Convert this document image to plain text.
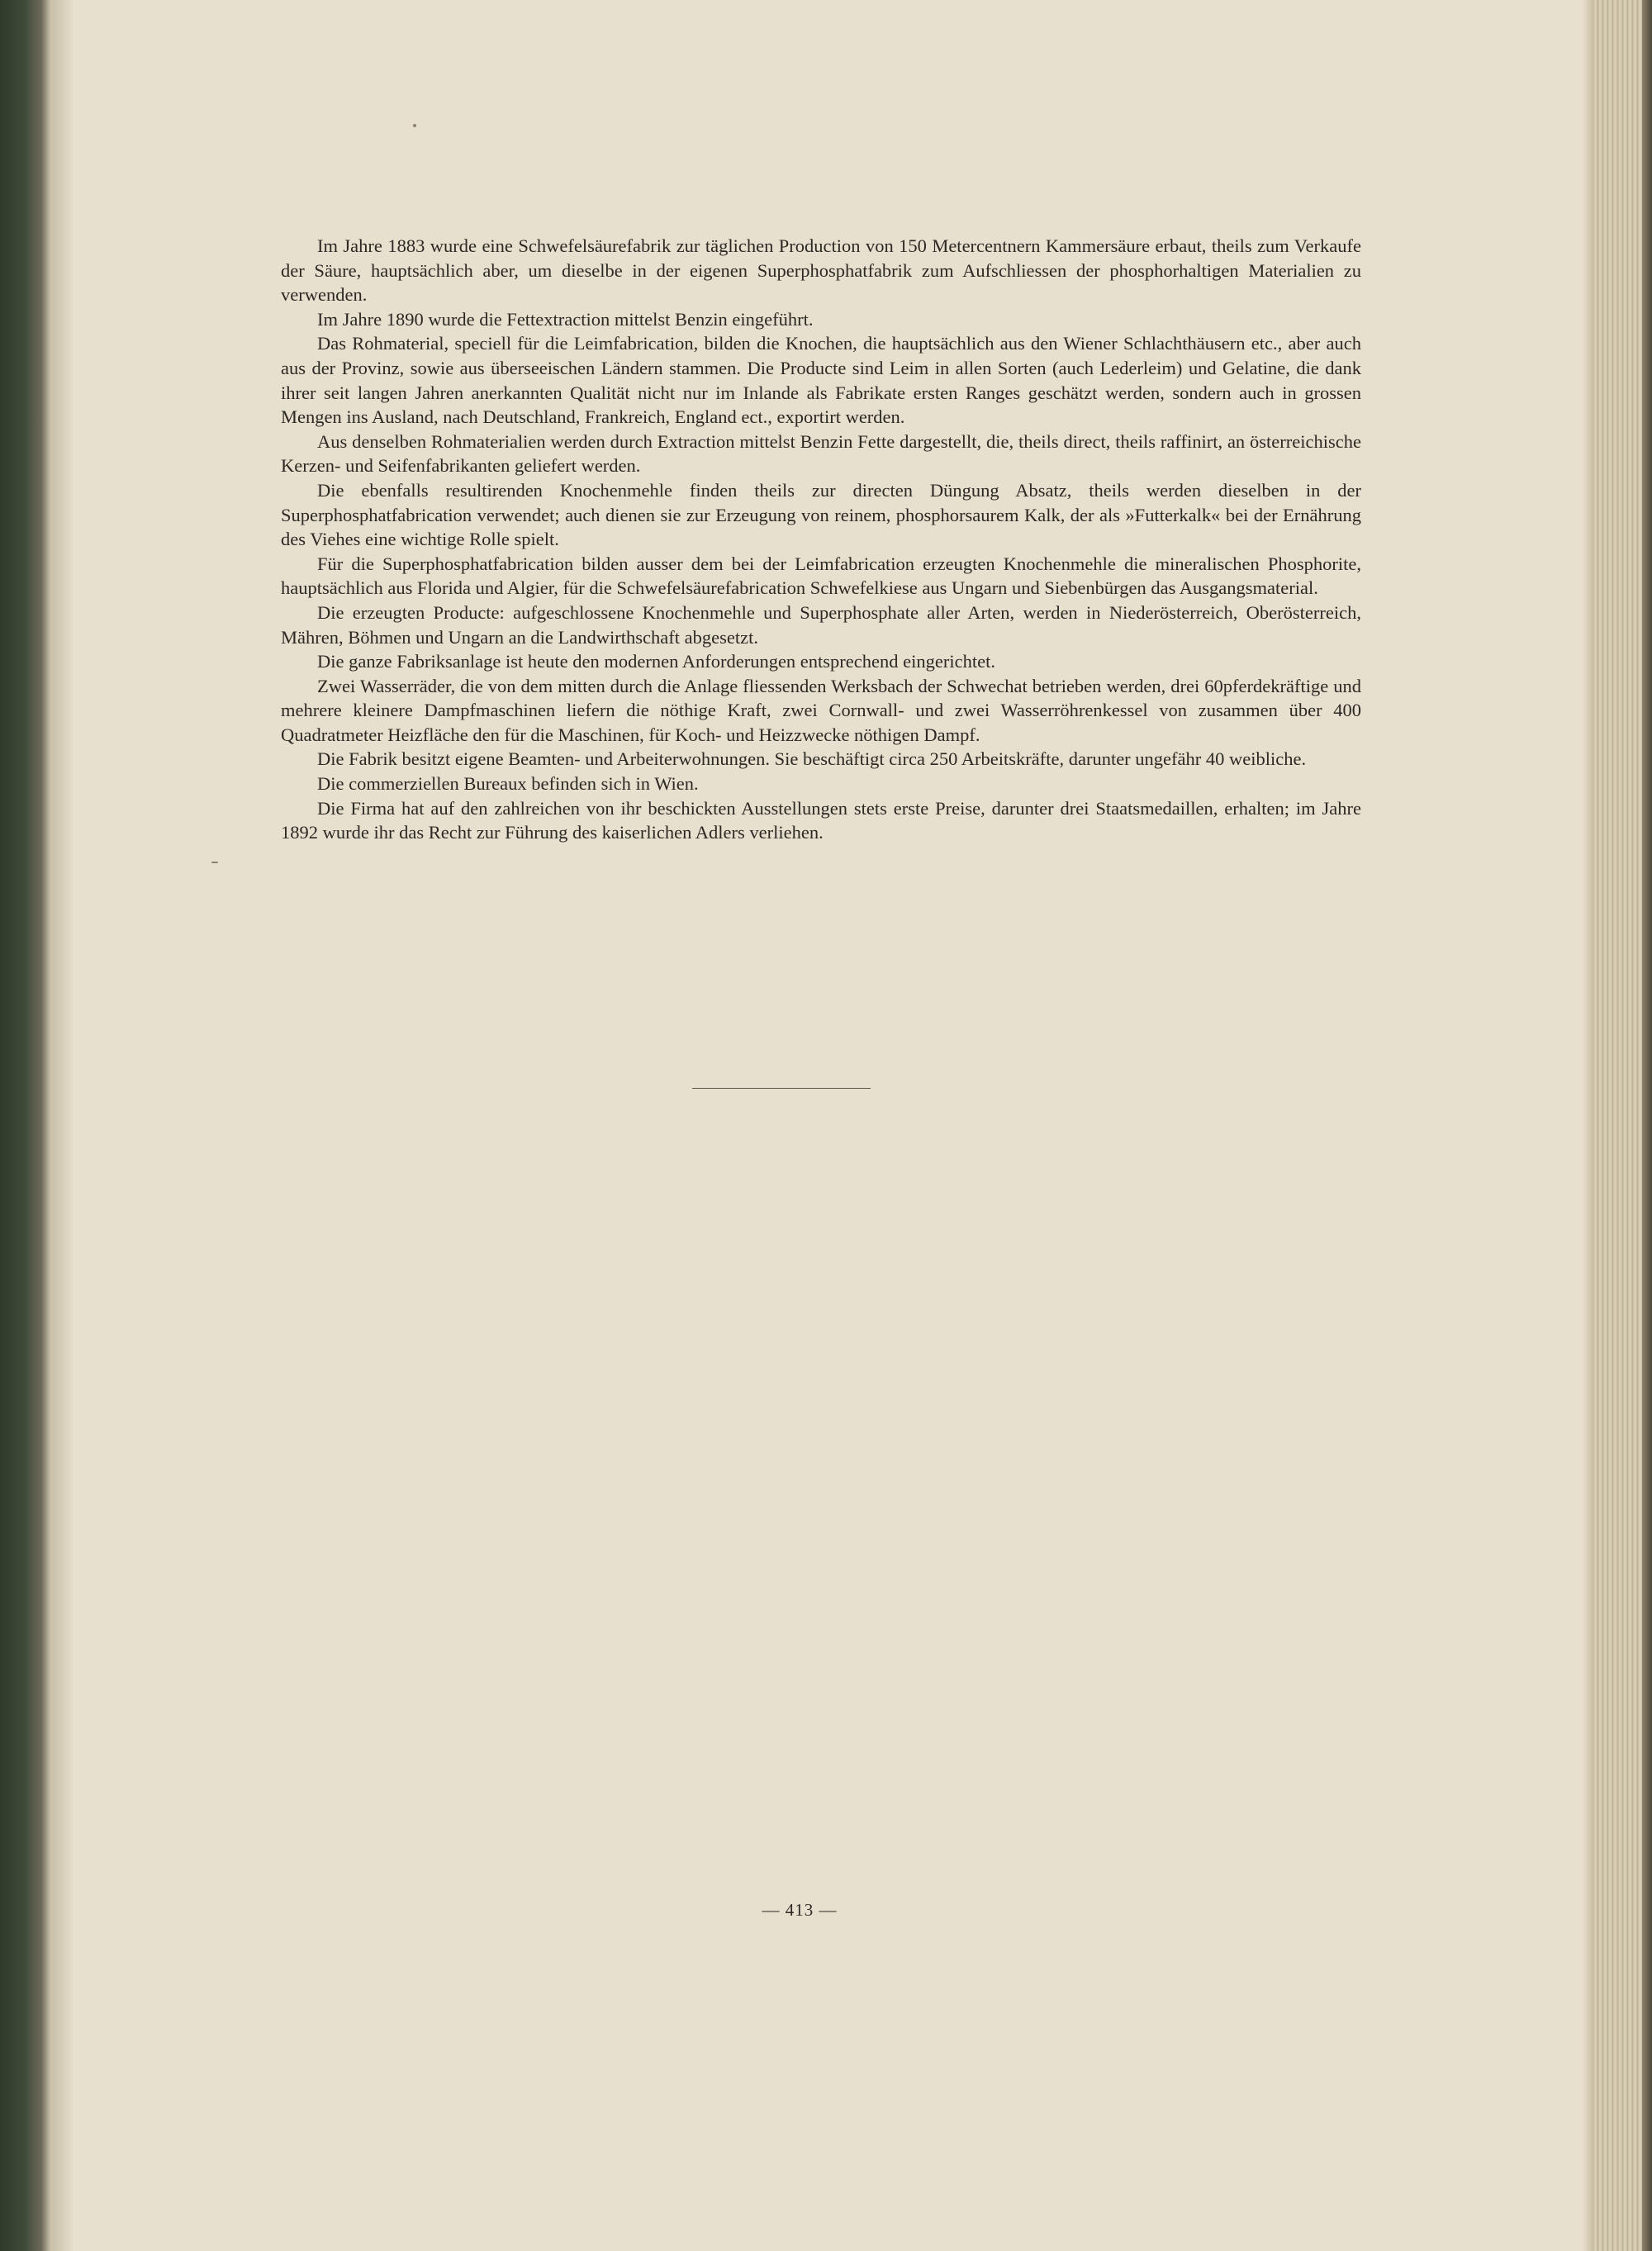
Im Jahre 1883 wurde eine Schwefelsäurefabrik zur täglichen Production von 150 Metercentnern Kammersäure erbaut, theils zum Verkaufe der Säure, hauptsächlich aber, um dieselbe in der eigenen Superphosphatfabrik zum Aufschliessen der phosphorhaltigen Materialien zu verwenden.

Im Jahre 1890 wurde die Fettextraction mittelst Benzin eingeführt.

Das Rohmaterial, speciell für die Leimfabrication, bilden die Knochen, die hauptsächlich aus den Wiener Schlachthäusern etc., aber auch aus der Provinz, sowie aus überseeischen Ländern stammen. Die Producte sind Leim in allen Sorten (auch Lederleim) und Gelatine, die dank ihrer seit langen Jahren anerkannten Qualität nicht nur im Inlande als Fabrikate ersten Ranges geschätzt werden, sondern auch in grossen Mengen ins Ausland, nach Deutschland, Frankreich, England ect., exportirt werden.

Aus denselben Rohmaterialien werden durch Extraction mittelst Benzin Fette dargestellt, die, theils direct, theils raffinirt, an österreichische Kerzen- und Seifenfabrikanten geliefert werden.

Die ebenfalls resultirenden Knochenmehle finden theils zur directen Düngung Absatz, theils werden dieselben in der Superphosphatfabrication verwendet; auch dienen sie zur Erzeugung von reinem, phosphorsaurem Kalk, der als »Futterkalk« bei der Ernährung des Viehes eine wichtige Rolle spielt.

Für die Superphosphatfabrication bilden ausser dem bei der Leimfabrication erzeugten Knochenmehle die mineralischen Phosphorite, hauptsächlich aus Florida und Algier, für die Schwefelsäurefabrication Schwefelkiese aus Ungarn und Siebenbürgen das Ausgangsmaterial.

Die erzeugten Producte: aufgeschlossene Knochenmehle und Superphosphate aller Arten, werden in Niederösterreich, Oberösterreich, Mähren, Böhmen und Ungarn an die Landwirthschaft abgesetzt.

Die ganze Fabriksanlage ist heute den modernen Anforderungen entsprechend eingerichtet.

Zwei Wasserräder, die von dem mitten durch die Anlage fliessenden Werksbach der Schwechat betrieben werden, drei 60pferdekräftige und mehrere kleinere Dampfmaschinen liefern die nöthige Kraft, zwei Cornwall- und zwei Wasserröhrenkessel von zusammen über 400 Quadratmeter Heizfläche den für die Maschinen, für Koch- und Heizzwecke nöthigen Dampf.

Die Fabrik besitzt eigene Beamten- und Arbeiterwohnungen. Sie beschäftigt circa 250 Arbeitskräfte, darunter ungefähr 40 weibliche.

Die commerziellen Bureaux befinden sich in Wien.

Die Firma hat auf den zahlreichen von ihr beschickten Ausstellungen stets erste Preise, darunter drei Staatsmedaillen, erhalten; im Jahre 1892 wurde ihr das Recht zur Führung des kaiserlichen Adlers verliehen.

— 413 —
